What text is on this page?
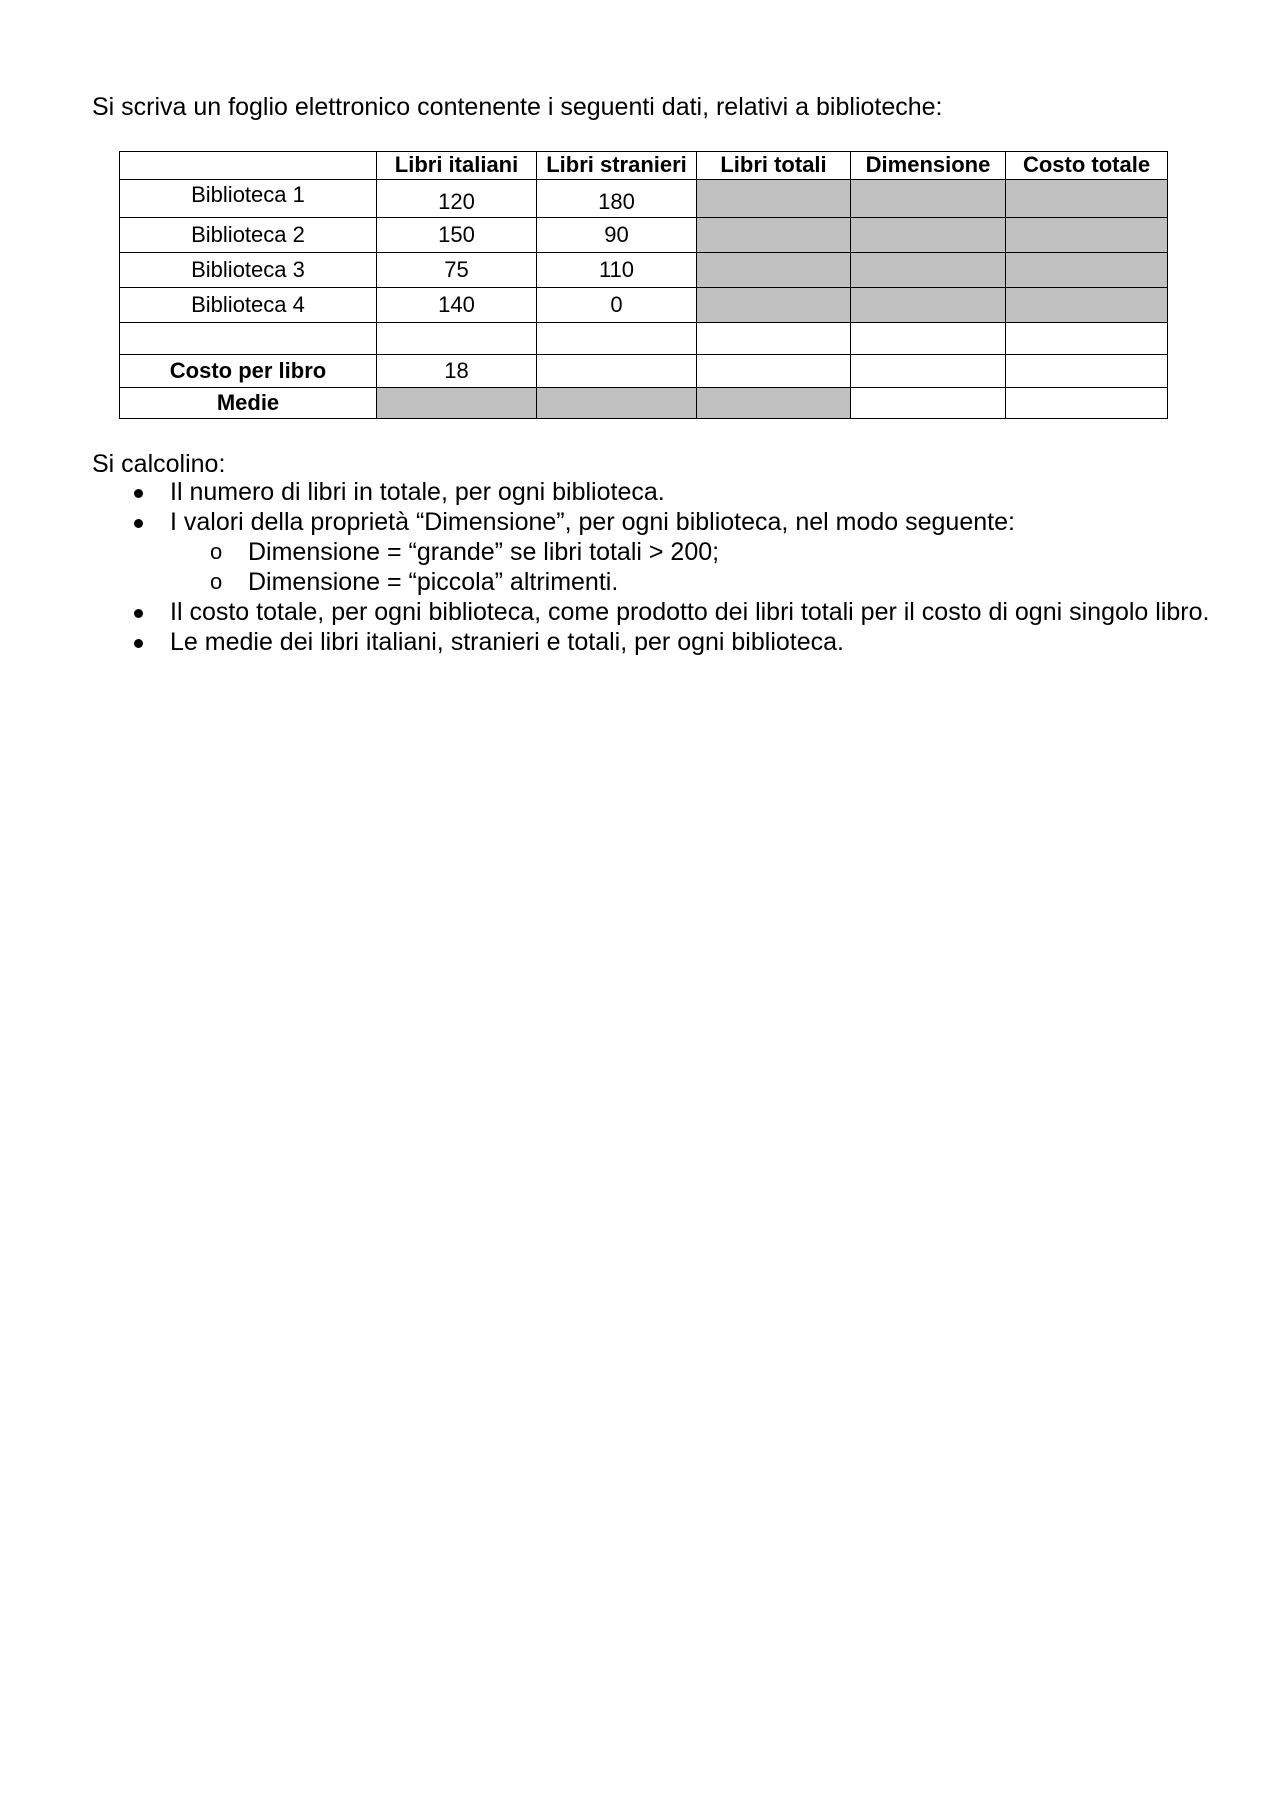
Si scriva un foglio elettronico contenente i seguenti dati, relativi a biblioteche:
	Libri italiani	Libri stranieri	Libri totali	Dimensione	Costo totale
Biblioteca 1	120	180			
Biblioteca 2	150	90			
Biblioteca 3	75	110			
Biblioteca 4	140	0			

Costo per libro	18				
Medie					
Si calcolino:
Il numero di libri in totale, per ogni biblioteca.
I valori della proprietà “Dimensione”, per ogni biblioteca, nel modo seguente:
o Dimensione = “grande” se libri totali > 200;
o Dimensione = “piccola” altrimenti.
Il costo totale, per ogni biblioteca, come prodotto dei libri totali per il costo di ogni singolo libro.
Le medie dei libri italiani, stranieri e totali, per ogni biblioteca.
